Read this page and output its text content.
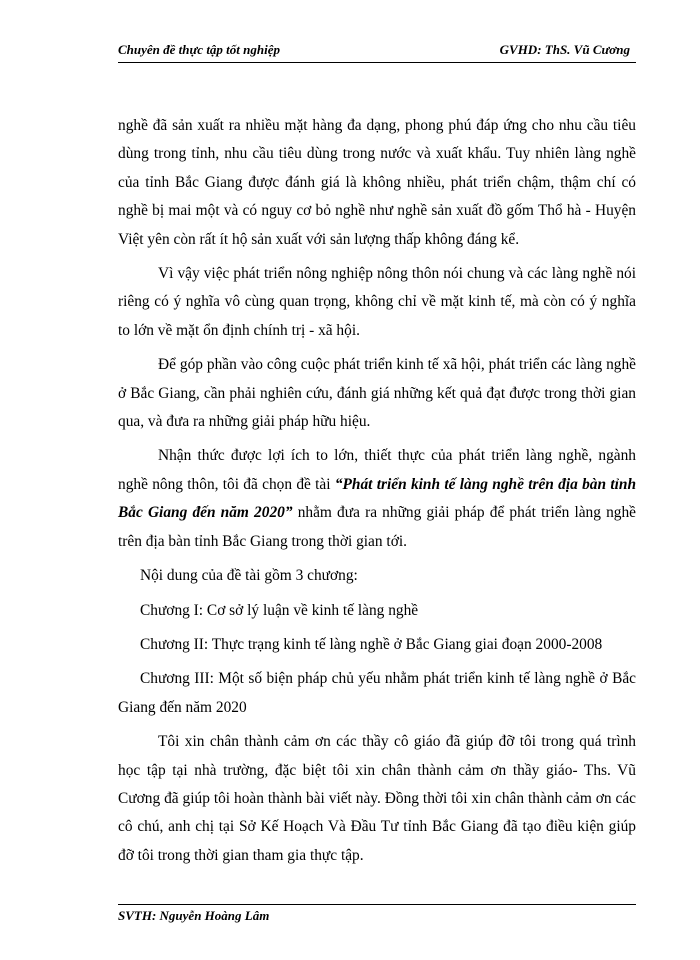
Chuyên đề thực tập tốt nghiệp	GVHD: ThS. Vũ Cương

nghề đã sản xuất ra nhiều mặt hàng đa dạng, phong phú đáp ứng cho nhu cầu tiêu dùng trong tỉnh, nhu cầu tiêu dùng trong nước và xuất khẩu. Tuy nhiên làng nghề của tỉnh Bắc Giang được đánh giá là không nhiều, phát triển chậm, thậm chí có nghề bị mai một và có nguy cơ bỏ nghề như nghề sản xuất đồ gốm Thổ hà - Huyện Việt yên còn rất ít hộ sản xuất với sản lượng thấp không đáng kể.

Vì vậy việc phát triển nông nghiệp nông thôn nói chung và các làng nghề nói riêng có ý nghĩa vô cùng quan trọng, không chỉ về mặt kinh tế, mà còn có ý nghĩa to lớn về mặt ổn định chính trị - xã hội.

Để góp phần vào công cuộc phát triển kinh tế xã hội, phát triển các làng nghề ở Bắc Giang, cần phải nghiên cứu, đánh giá những kết quả đạt được trong thời gian qua, và đưa ra những giải pháp hữu hiệu.

Nhận thức được lợi ích to lớn, thiết thực của phát triển làng nghề, ngành nghề nông thôn, tôi đã chọn đề tài “Phát triển kinh tế làng nghề trên địa bàn tỉnh Bắc Giang đến năm 2020” nhằm đưa ra những giải pháp để phát triển làng nghề trên địa bàn tỉnh Bắc Giang trong thời gian tới.

Nội dung của đề tài gồm 3 chương:

Chương I: Cơ sở lý luận về kinh tế làng nghề

Chương II: Thực trạng kinh tế làng nghề ở Bắc Giang giai đoạn 2000-2008

Chương III: Một số biện pháp chủ yếu nhằm phát triển kinh tế làng nghề ở Bắc Giang đến năm 2020

Tôi xin chân thành cảm ơn các thầy cô giáo đã giúp đỡ tôi trong quá trình học tập tại nhà trường, đặc biệt tôi xin chân thành cảm ơn thầy giáo- Ths. Vũ Cương đã giúp tôi hoàn thành bài viết này. Đồng thời tôi xin chân thành cảm ơn các cô chú, anh chị tại Sở Kế Hoạch Và Đầu Tư tỉnh Bắc Giang đã tạo điều kiện giúp đỡ tôi trong thời gian tham gia thực tập.

SVTH: Nguyễn Hoàng Lâm
